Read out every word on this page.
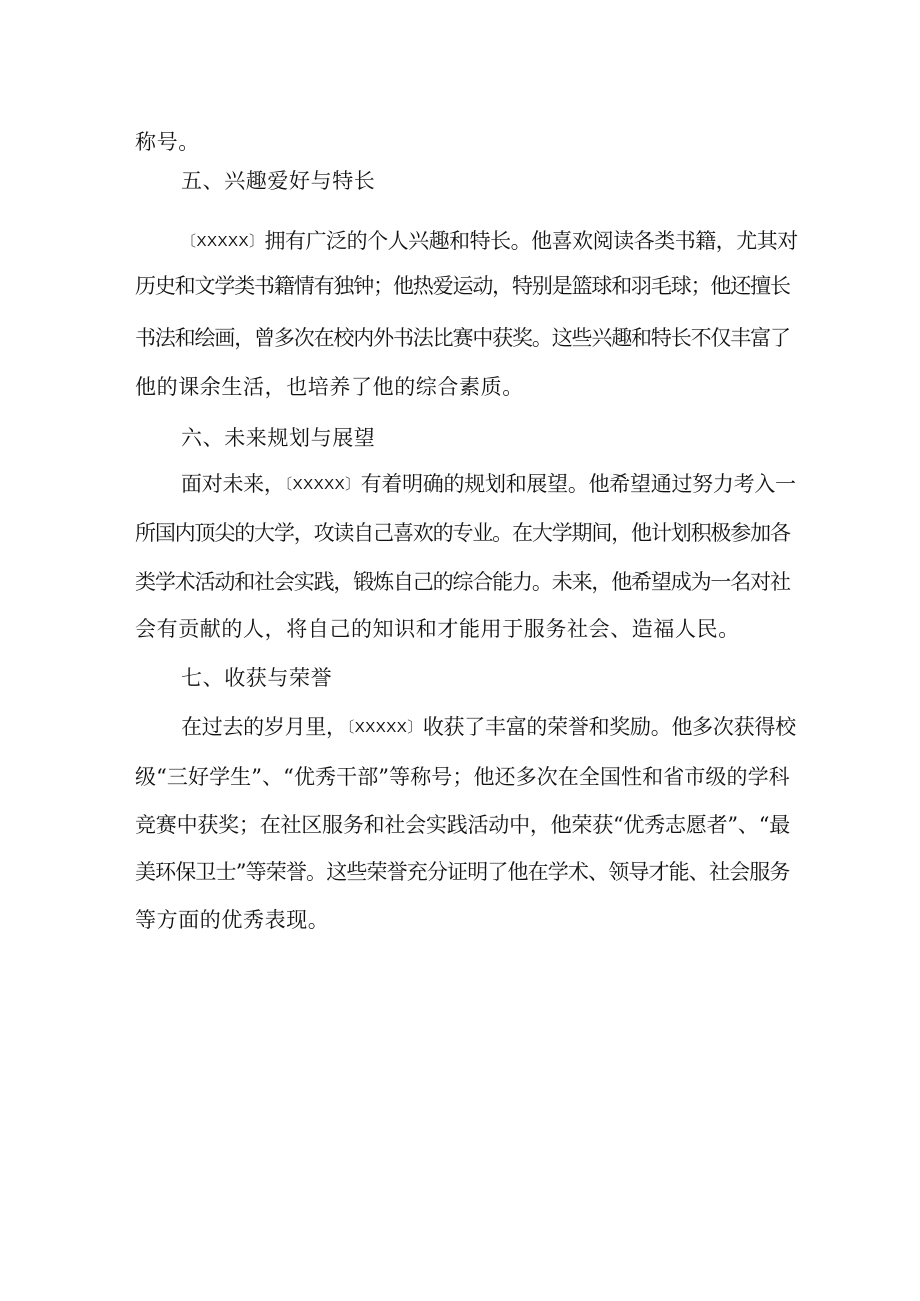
称号。
五、兴趣爱好与特长
〔XXXXX〕拥有广泛的个人兴趣和特长。他喜欢阅读各类书籍，尤其对
历史和文学类书籍情有独钟；他热爱运动，特别是篮球和羽毛球；他还擅长
书法和绘画，曾多次在校内外书法比赛中获奖。这些兴趣和特长不仅丰富了
他的课余生活，也培养了他的综合素质。
六、未来规划与展望
面对未来，〔XXXXX〕有着明确的规划和展望。他希望通过努力考入一
所国内顶尖的大学，攻读自己喜欢的专业。在大学期间，他计划积极参加各
类学术活动和社会实践，锻炼自己的综合能力。未来，他希望成为一名对社
会有贡献的人，将自己的知识和才能用于服务社会、造福人民。
七、收获与荣誉
在过去的岁月里，〔XXXXX〕收获了丰富的荣誉和奖励。他多次获得校
级“三好学生”、“优秀干部”等称号；他还多次在全国性和省市级的学科
竞赛中获奖；在社区服务和社会实践活动中，他荣获“优秀志愿者”、“最
美环保卫士”等荣誉。这些荣誉充分证明了他在学术、领导才能、社会服务
等方面的优秀表现。
